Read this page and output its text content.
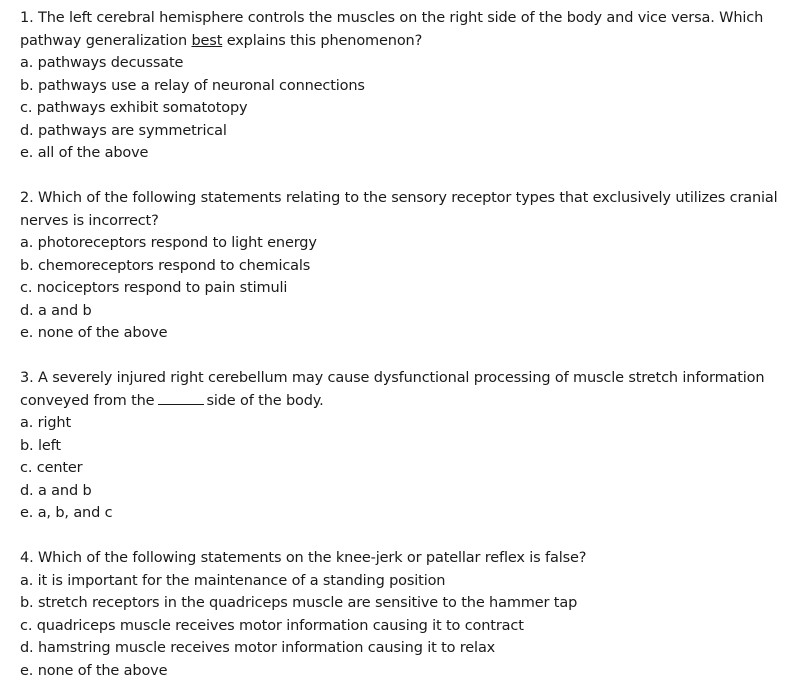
1. The left cerebral hemisphere controls the muscles on the right side of the body and vice versa. Which
pathway generalization best explains this phenomenon?
a. pathways decussate
b. pathways use a relay of neuronal connections
c. pathways exhibit somatotopy
d. pathways are symmetrical
e. all of the above
2. Which of the following statements relating to the sensory receptor types that exclusively utilizes cranial
nerves is incorrect?
a. photoreceptors respond to light energy
b. chemoreceptors respond to chemicals
c. nociceptors respond to pain stimuli
d. a and b
e. none of the above
3. A severely injured right cerebellum may cause dysfunctional processing of muscle stretch information
conveyed from the	side of the body.
a. right
b. left
c. center
d. a and b
e. a, b, and c
4. Which of the following statements on the knee-jerk or patellar reflex is false?
a. it is important for the maintenance of a standing position
b. stretch receptors in the quadriceps muscle are sensitive to the hammer tap
c. quadriceps muscle receives motor information causing it to contract
d. hamstring muscle receives motor information causing it to relax
e. none of the above
